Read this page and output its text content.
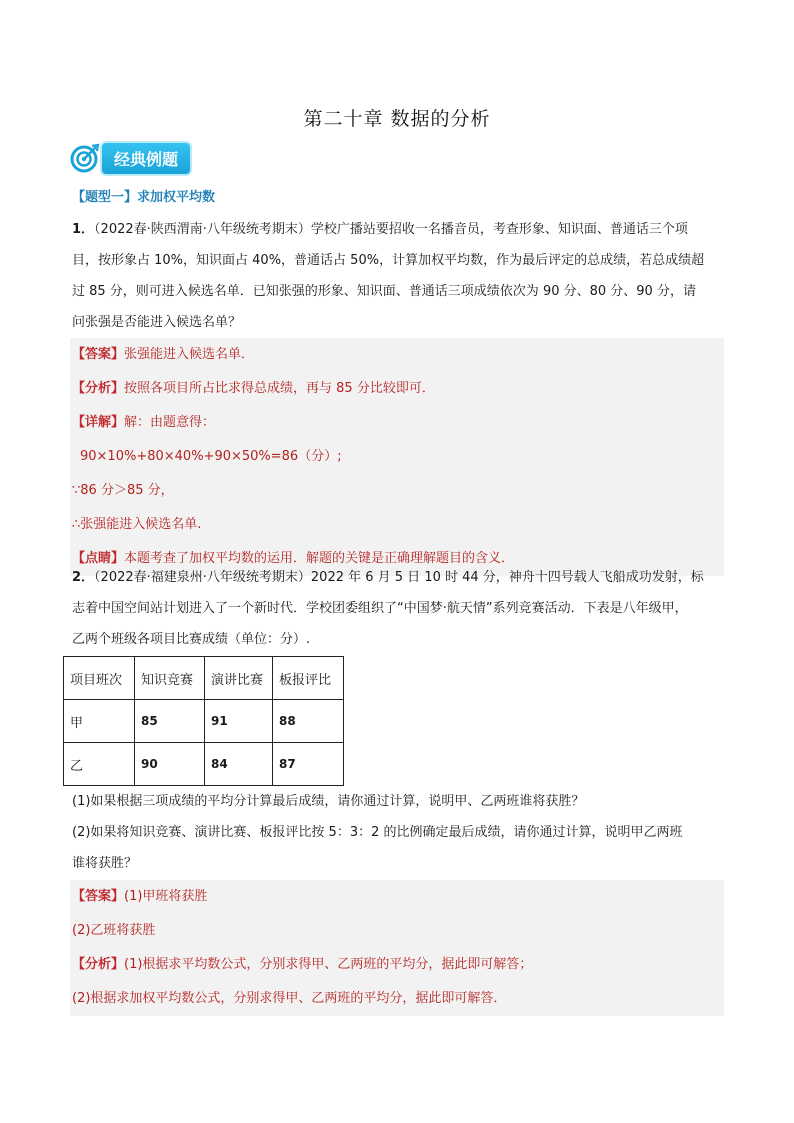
第二十章 数据的分析
经典例题
【题型一】求加权平均数
1．（2022春·陕西渭南·八年级统考期末）学校广播站要招收一名播音员，考查形象、知识面、普通话三个项
目，按形象占 10%，知识面占 40%，普通话占 50%，计算加权平均数，作为最后评定的总成绩，若总成绩超
过 85 分，则可进入候选名单．已知张强的形象、知识面、普通话三项成绩依次为 90 分、80 分、90 分，请
问张强是否能进入候选名单？
【答案】张强能进入候选名单．
【分析】按照各项目所占比求得总成绩，再与 85 分比较即可．
【详解】解：由题意得：
90×10%+80×40%+90×50%=86（分）;
∵86 分＞85 分，
∴张强能进入候选名单.
【点睛】本题考查了加权平均数的运用．解题的关键是正确理解题目的含义．
2．（2022春·福建泉州·八年级统考期末）2022 年 6 月 5 日 10 时 44 分，神舟十四号载人飞船成功发射，标
志着中国空间站计划进入了一个新时代．学校团委组织了“中国梦·航天情”系列竞赛活动．下表是八年级甲，
乙两个班级各项目比赛成绩（单位：分）.
项目班次	知识竞赛	演讲比赛	板报评比
甲	85	91	88
乙	90	84	87
(1)如果根据三项成绩的平均分计算最后成绩，请你通过计算，说明甲、乙两班谁将获胜？
(2)如果将知识竞赛、演讲比赛、板报评比按 5：3：2 的比例确定最后成绩，请你通过计算，说明甲乙两班
谁将获胜？
【答案】(1)甲班将获胜
(2)乙班将获胜
【分析】(1)根据求平均数公式，分别求得甲、乙两班的平均分，据此即可解答；
(2)根据求加权平均数公式，分别求得甲、乙两班的平均分，据此即可解答．
